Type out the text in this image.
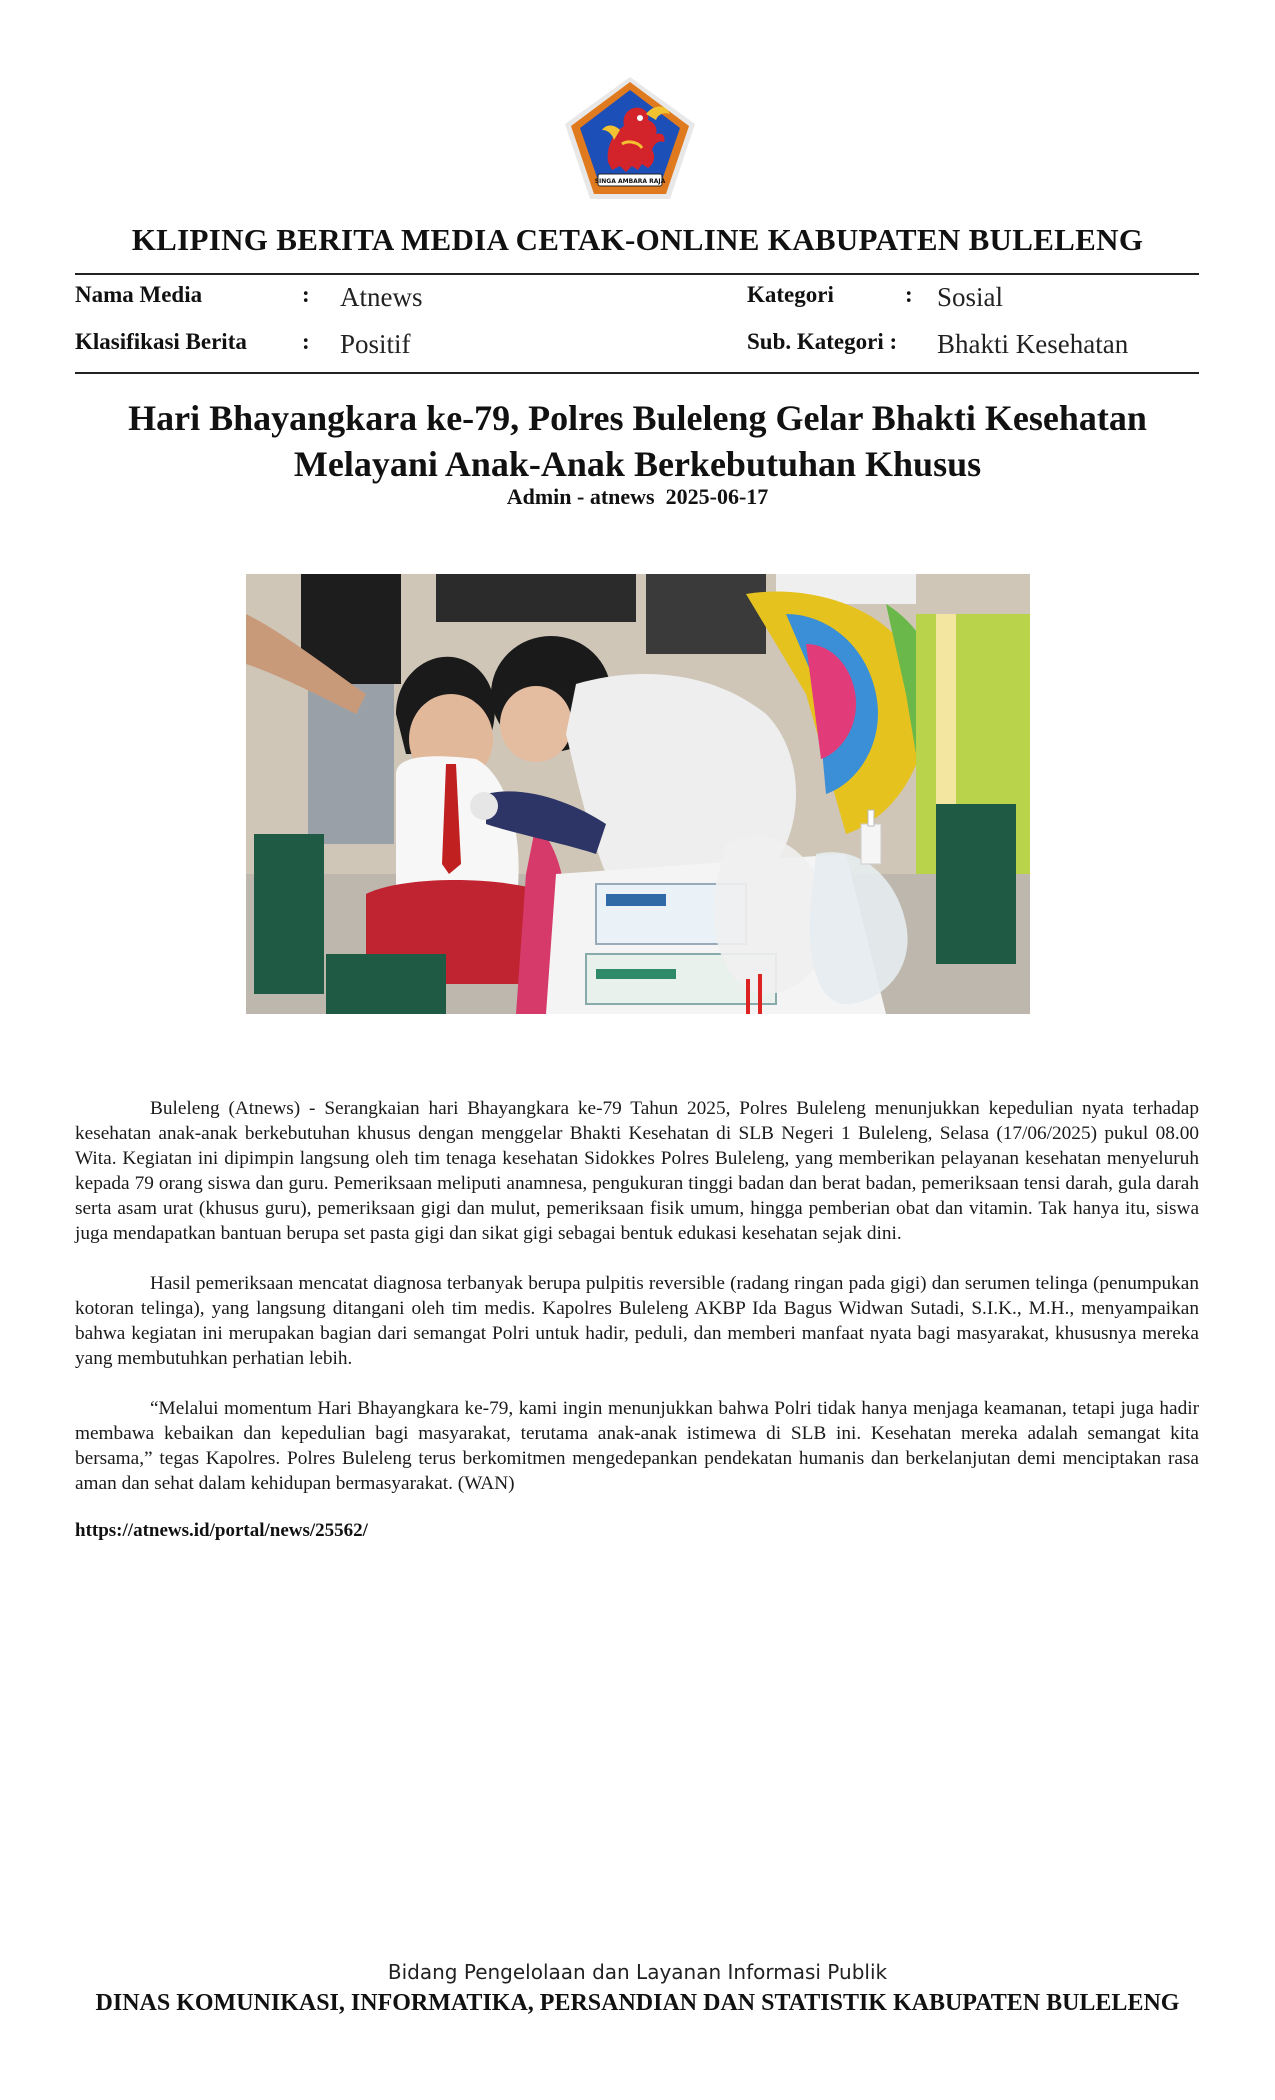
SINGA AMBARA RAJA
KLIPING BERITA MEDIA CETAK-ONLINE KABUPATEN BULELENG
Nama Media	: Atnews
Klasifikasi Berita : Positif
Kategori	: Sosial
Sub. Kategori : Bhakti Kesehatan
Hari Bhayangkara ke-79, Polres Buleleng Gelar Bhakti Kesehatan
Melayani Anak-Anak Berkebutuhan Khusus
Admin - atnews 2025-06-17

Buleleng (Atnews) - Serangkaian hari Bhayangkara ke-79 Tahun 2025, Polres Buleleng menunjukkan kepedulian nyata terhadap kesehatan anak-anak berkebutuhan khusus dengan menggelar Bhakti Kesehatan di SLB Negeri 1 Buleleng, Selasa (17/06/2025) pukul 08.00 Wita. Kegiatan ini dipimpin langsung oleh tim tenaga kesehatan Sidokkes Polres Buleleng, yang memberikan pelayanan kesehatan menyeluruh kepada 79 orang siswa dan guru. Pemeriksaan meliputi anamnesa, pengukuran tinggi badan dan berat badan, pemeriksaan tensi darah, gula darah serta asam urat (khusus guru), pemeriksaan gigi dan mulut, pemeriksaan fisik umum, hingga pemberian obat dan vitamin. Tak hanya itu, siswa juga mendapatkan bantuan berupa set pasta gigi dan sikat gigi sebagai bentuk edukasi kesehatan sejak dini.

Hasil pemeriksaan mencatat diagnosa terbanyak berupa pulpitis reversible (radang ringan pada gigi) dan serumen telinga (penumpukan kotoran telinga), yang langsung ditangani oleh tim medis. Kapolres Buleleng AKBP Ida Bagus Widwan Sutadi, S.I.K., M.H., menyampaikan bahwa kegiatan ini merupakan bagian dari semangat Polri untuk hadir, peduli, dan memberi manfaat nyata bagi masyarakat, khususnya mereka yang membutuhkan perhatian lebih.

“Melalui momentum Hari Bhayangkara ke-79, kami ingin menunjukkan bahwa Polri tidak hanya menjaga keamanan, tetapi juga hadir membawa kebaikan dan kepedulian bagi masyarakat, terutama anak-anak istimewa di SLB ini. Kesehatan mereka adalah semangat kita bersama,” tegas Kapolres. Polres Buleleng terus berkomitmen mengedepankan pendekatan humanis dan berkelanjutan demi menciptakan rasa aman dan sehat dalam kehidupan bermasyarakat. (WAN)

https://atnews.id/portal/news/25562/
Bidang Pengelolaan dan Layanan Informasi Publik
DINAS KOMUNIKASI, INFORMATIKA, PERSANDIAN DAN STATISTIK KABUPATEN BULELENG
